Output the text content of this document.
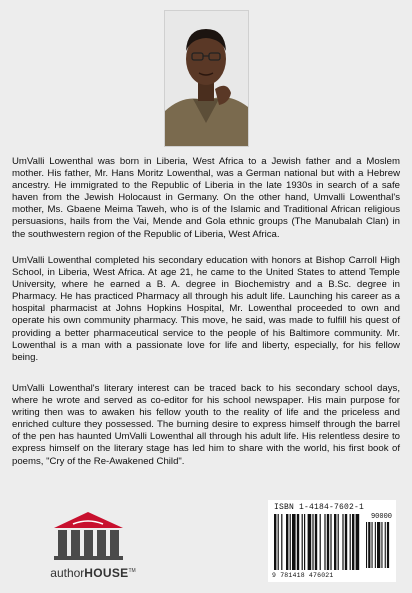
UmValli Lowenthal was born in Liberia, West Africa to a Jewish father and a Moslem mother. His father, Mr. Hans Moritz Lowenthal, was a German national but with a Hebrew ancestry. He immigrated to the Republic of Liberia in the late 1930s in search of a safe haven from the Jewish Holocaust in Germany. On the other hand, Umvalli Lowenthal's mother, Ms. Gbaene Meima Taweh, who is of the Islamic and Traditional African religious persuasions, hails from the Vai, Mende and Gola ethnic groups (The Manubalah Clan) in the southwestern region of the Republic of Liberia, West Africa.

UmValli Lowenthal completed his secondary education with honors at Bishop Carroll High School, in Liberia, West Africa. At age 21, he came to the United States to attend Temple University, where he earned a B. A. degree in Biochemistry and a B.Sc. degree in Pharmacy. He has practiced Pharmacy all through his adult life. Launching his career as a hospital pharmacist at Johns Hopkins Hospital, Mr. Lowenthal proceeded to own and operate his own community pharmacy. This move, he said, was made to fulfill his quest of providing a better pharmaceutical service to the people of his Baltimore community. Mr. Lowenthal is a man with a passionate love for life and liberty, especially, for his fellow being.

UmValli Lowenthal's literary interest can be traced back to his secondary school days, where he wrote and served as co-editor for his school newspaper. His main purpose for writing then was to awaken his fellow youth to the reality of life and the priceless and enriched culture they possessed. The burning desire to express himself through the barrel of the pen has haunted UmValli Lowenthal all through his adult life. His relentless desire to express himself on the literary stage has led him to share with the world, his first book of poems, "Cry of the Re-Awakened Child".

authorHOUSE™
ISBN 1-4184-7602-1
90000
9 781418 476021
